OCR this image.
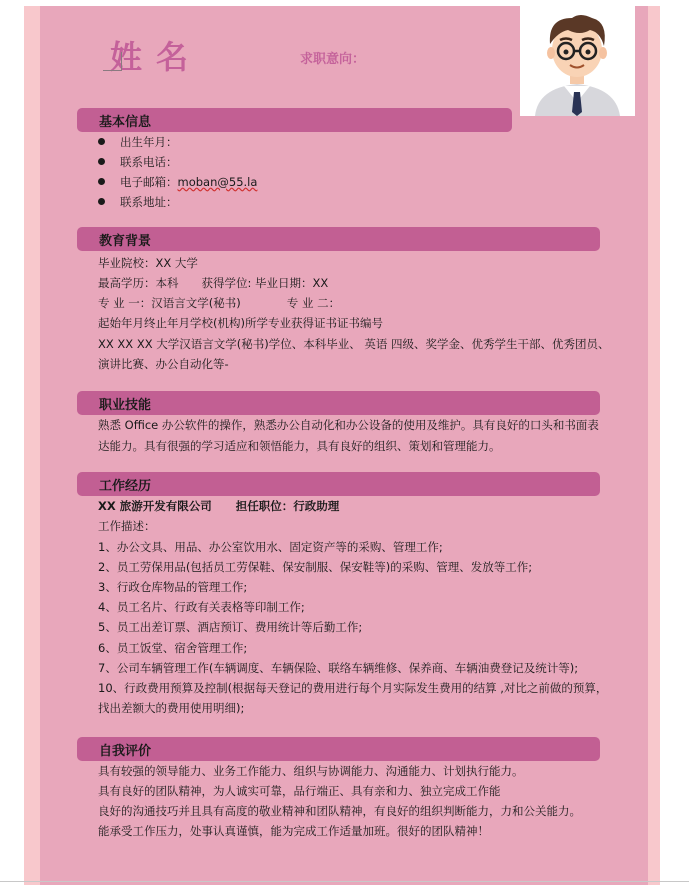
姓名	求职意向：
基本信息
出生年月：
联系电话：
电子邮箱：moban@55.la
联系地址：
教育背景
毕业院校：XX 大学
最高学历：本科　　获得学位: 毕业日期：XX
专 业 一：汉语言文学(秘书)　　　　专 业 二：
起始年月终止年月学校(机构)所学专业获得证书证书编号
XX XX XX 大学汉语言文学(秘书)学位、本科毕业、 英语 四级、奖学金、优秀学生干部、优秀团员、
演讲比赛、办公自动化等-
职业技能
熟悉 Office 办公软件的操作，熟悉办公自动化和办公设备的使用及维护。具有良好的口头和书面表
达能力。具有很强的学习适应和领悟能力，具有良好的组织、策划和管理能力。
工作经历
XX 旅游开发有限公司 担任职位：行政助理
工作描述：
1、办公文具、用品、办公室饮用水、固定资产等的采购、管理工作;
2、员工劳保用品(包括员工劳保鞋、保安制服、保安鞋等)的采购、管理、发放等工作;
3、行政仓库物品的管理工作;
4、员工名片、行政有关表格等印制工作;
5、员工出差订票、酒店预订、费用统计等后勤工作;
6、员工饭堂、宿舍管理工作;
7、公司车辆管理工作(车辆调度、车辆保险、联络车辆维修、保养商、车辆油费登记及统计等);
10、行政费用预算及控制(根据每天登记的费用进行每个月实际发生费用的结算 ,对比之前做的预算，
找出差额大的费用使用明细);
自我评价
具有较强的领导能力、业务工作能力、组织与协调能力、沟通能力、计划执行能力。
具有良好的团队精神，为人诚实可靠，品行端正、具有亲和力、独立完成工作能
良好的沟通技巧并且具有高度的敬业精神和团队精神，有良好的组织判断能力，力和公关能力。
能承受工作压力，处事认真谨慎，能为完成工作适量加班。很好的团队精神！
